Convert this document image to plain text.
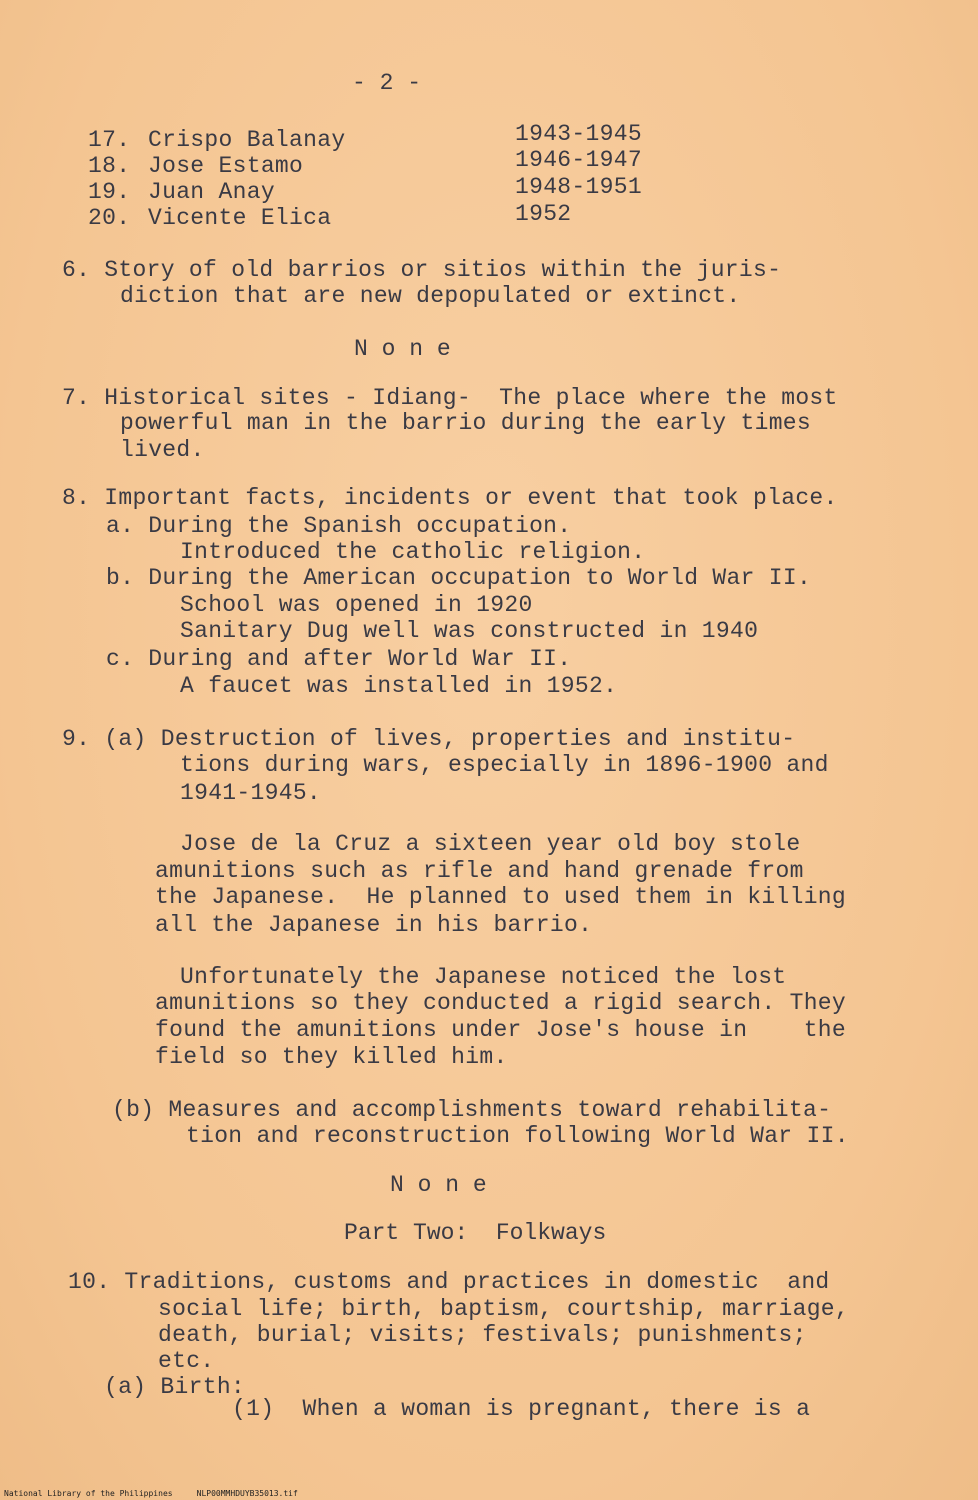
- 2 -
17. Crispo Balanay	1943-1945
18. Jose Estamo	1946-1947
19. Juan Anay	1948-1951
20. Vicente Elica	1952
6. Story of old barrios or sitios within the juris-
diction that are new depopulated or extinct.
N o n e
7. Historical sites - Idiang-  The place where the most
powerful man in the barrio during the early times
lived.
8. Important facts, incidents or event that took place.
a. During the Spanish occupation.
Introduced the catholic religion.
b. During the American occupation to World War II.
School was opened in 1920
Sanitary Dug well was constructed in 1940
c. During and after World War II.
A faucet was installed in 1952.
9. (a) Destruction of lives, properties and institu-
tions during wars, especially in 1896-1900 and
1941-1945.
Jose de la Cruz a sixteen year old boy stole
amunitions such as rifle and hand grenade from
the Japanese.  He planned to used them in killing
all the Japanese in his barrio.
Unfortunately the Japanese noticed the lost
amunitions so they conducted a rigid search. They
found the amunitions under Jose's house in    the
field so they killed him.
(b) Measures and accomplishments toward rehabilita-
tion and reconstruction following World War II.
N o n e
Part Two:  Folkways
10. Traditions, customs and practices in domestic  and
social life; birth, baptism, courtship, marriage,
death, burial; visits; festivals; punishments;
etc.
(a) Birth:
(1)  When a woman is pregnant, there is a
National Library of the Philippines     NLP00MMHDUYB35013.tif
